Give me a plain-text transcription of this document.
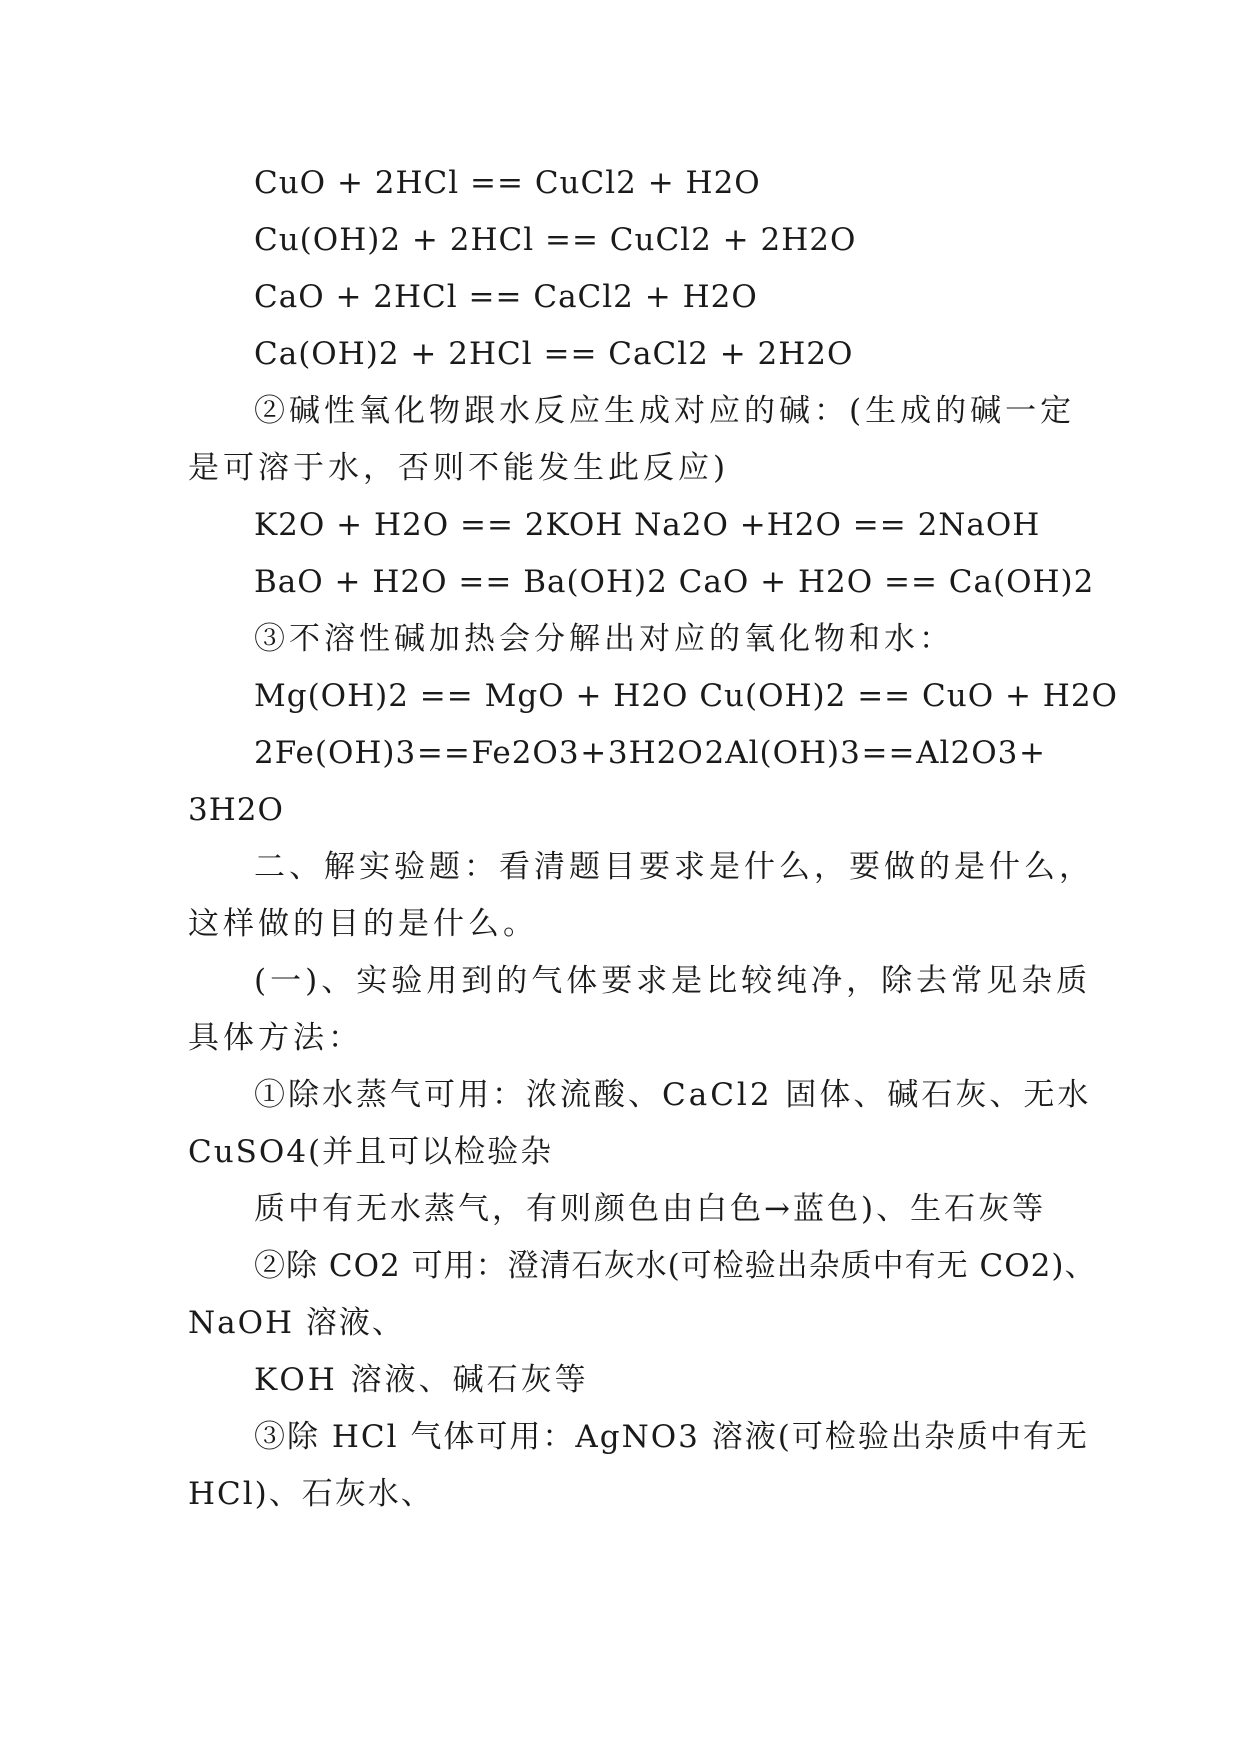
CuO + 2HCl == CuCl2 + H2O
Cu(OH)2 + 2HCl == CuCl2 + 2H2O
CaO + 2HCl == CaCl2 + H2O
Ca(OH)2 + 2HCl == CaCl2 + 2H2O
②碱性氧化物跟水反应生成对应的碱：(生成的碱一定
是可溶于水，否则不能发生此反应)
K2O + H2O == 2KOH Na2O +H2O == 2NaOH
BaO + H2O == Ba(OH)2 CaO + H2O == Ca(OH)2
③不溶性碱加热会分解出对应的氧化物和水：
Mg(OH)2 == MgO + H2O Cu(OH)2 == CuO + H2O
2Fe(OH)3 == Fe2O3 + 3H2O 2Al(OH)3 == Al2O3 +
3H2O
二、解实验题：看清题目要求是什么，要做的是什么，
这样做的目的是什么。
(一)、实验用到的气体要求是比较纯净，除去常见杂质
具体方法：
①除水蒸气可用：浓流酸、CaCl2 固体、碱石灰、无水
CuSO4(并且可以检验杂
质中有无水蒸气，有则颜色由白色→蓝色)、生石灰等
②除 CO2 可用：澄清石灰水(可检验出杂质中有无 CO2)、
NaOH 溶液、
KOH 溶液、碱石灰等
③除 HCl 气体可用：AgNO3 溶液(可检验出杂质中有无
HCl)、石灰水、
